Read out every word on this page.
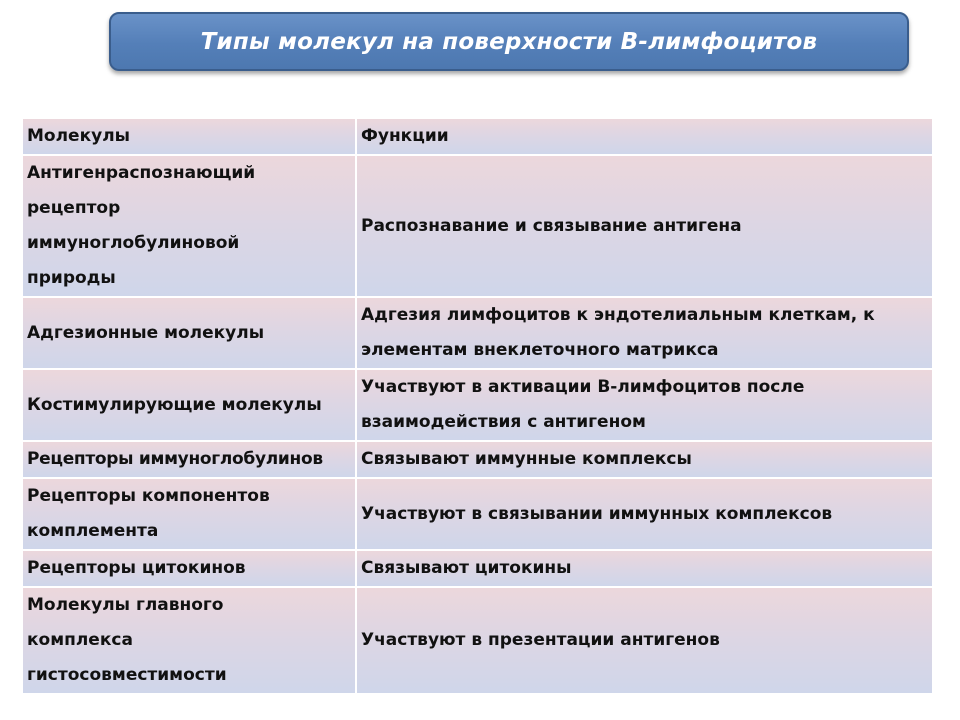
Типы молекул на поверхности В-лимфоцитов
Молекулы	Функции
Антигенраспознающий рецептор иммуноглобулиновой природы	Распознавание и связывание антигена
Адгезионные молекулы	Адгезия лимфоцитов к эндотелиальным клеткам, к элементам внеклеточного матрикса
Костимулирующие молекулы	Участвуют в активации В-лимфоцитов после взаимодействия с антигеном
Рецепторы иммуноглобулинов	Связывают иммунные комплексы
Рецепторы компонентов комплемента	Участвуют в связывании иммунных комплексов
Рецепторы цитокинов	Связывают цитокины
Молекулы главного комплекса гистосовместимости	Участвуют в презентации антигенов
